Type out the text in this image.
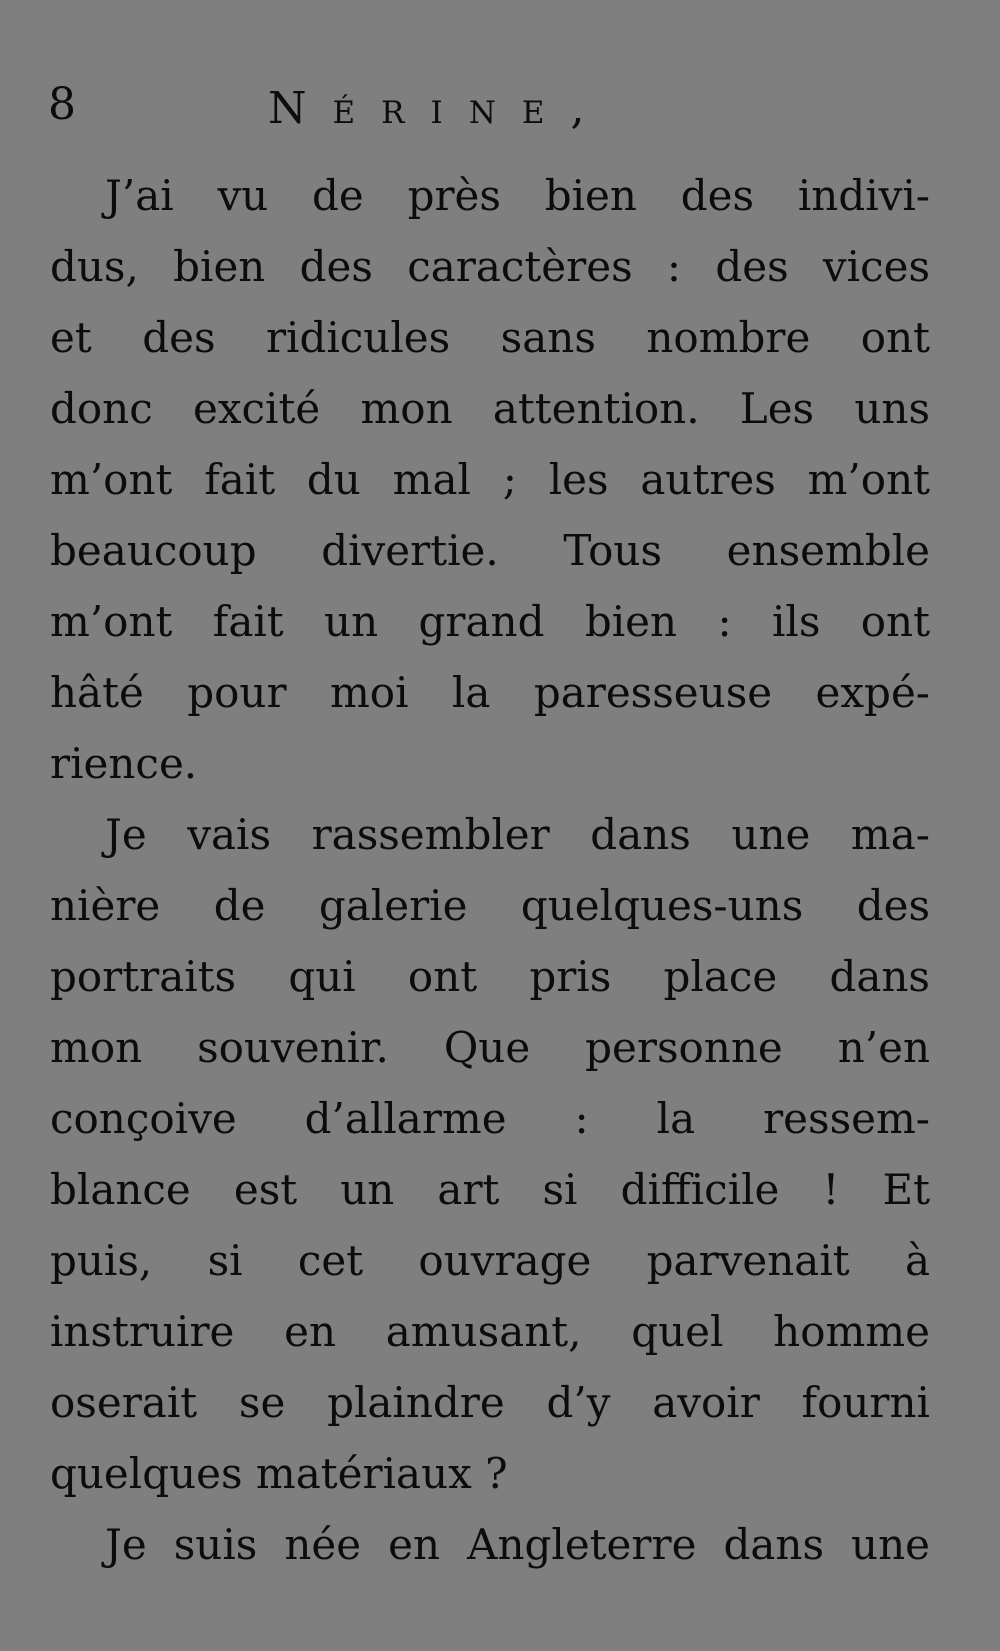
8	Nérine,
J’ai vu de près bien des indivi-
dus, bien des caractères : des vices
et des ridicules sans nombre ont
donc excité mon attention. Les uns
m’ont fait du mal ; les autres m’ont
beaucoup divertie. Tous ensemble
m’ont fait un grand bien : ils ont
hâté pour moi la paresseuse expé-
rience.
Je vais rassembler dans une ma-
nière de galerie quelques-uns des
portraits qui ont pris place dans
mon souvenir. Que personne n’en
conçoive d’allarme : la ressem-
blance est un art si difficile ! Et
puis, si cet ouvrage parvenait à
instruire en amusant, quel homme
oserait se plaindre d’y avoir fourni
quelques matériaux ?
Je suis née en Angleterre dans une
